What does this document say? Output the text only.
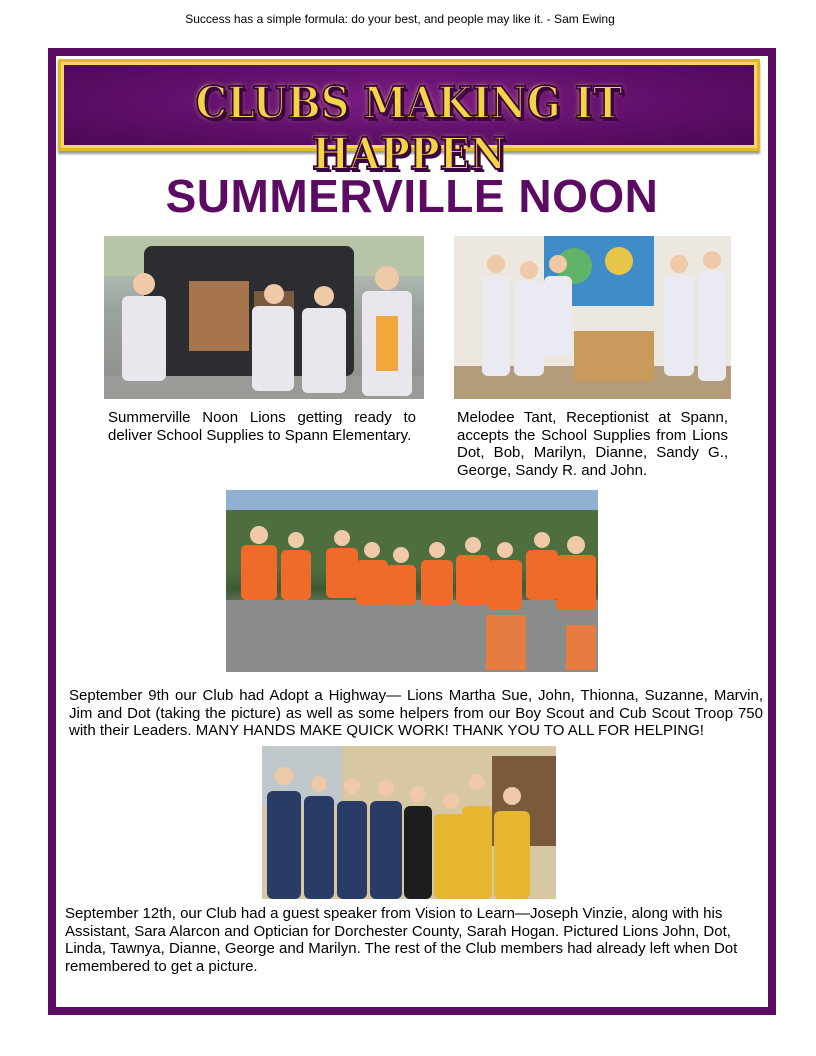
Success has a simple formula: do your best, and people may like it. - Sam Ewing
CLUBS MAKING IT HAPPEN
SUMMERVILLE NOON
Summerville Noon Lions getting ready to deliver School Supplies to Spann Elementary.
Melodee Tant, Receptionist at Spann, accepts the School Supplies from Lions Dot, Bob, Marilyn, Dianne, Sandy G., George, Sandy R. and John.
September 9th our Club had Adopt a Highway— Lions Martha Sue, John, Thionna, Suzanne, Marvin, Jim and Dot (taking the picture) as well as some helpers from our Boy Scout and Cub Scout Troop 750 with their Leaders. MANY HANDS MAKE QUICK WORK! THANK YOU TO ALL FOR HELPING!
September 12th, our Club had a guest speaker from Vision to Learn—Joseph Vinzie, along with his Assistant, Sara Alarcon and Optician for Dorchester County, Sarah Hogan. Pictured Lions John, Dot, Linda, Tawnya, Dianne, George and Marilyn. The rest of the Club members had already left when Dot remembered to get a picture.
